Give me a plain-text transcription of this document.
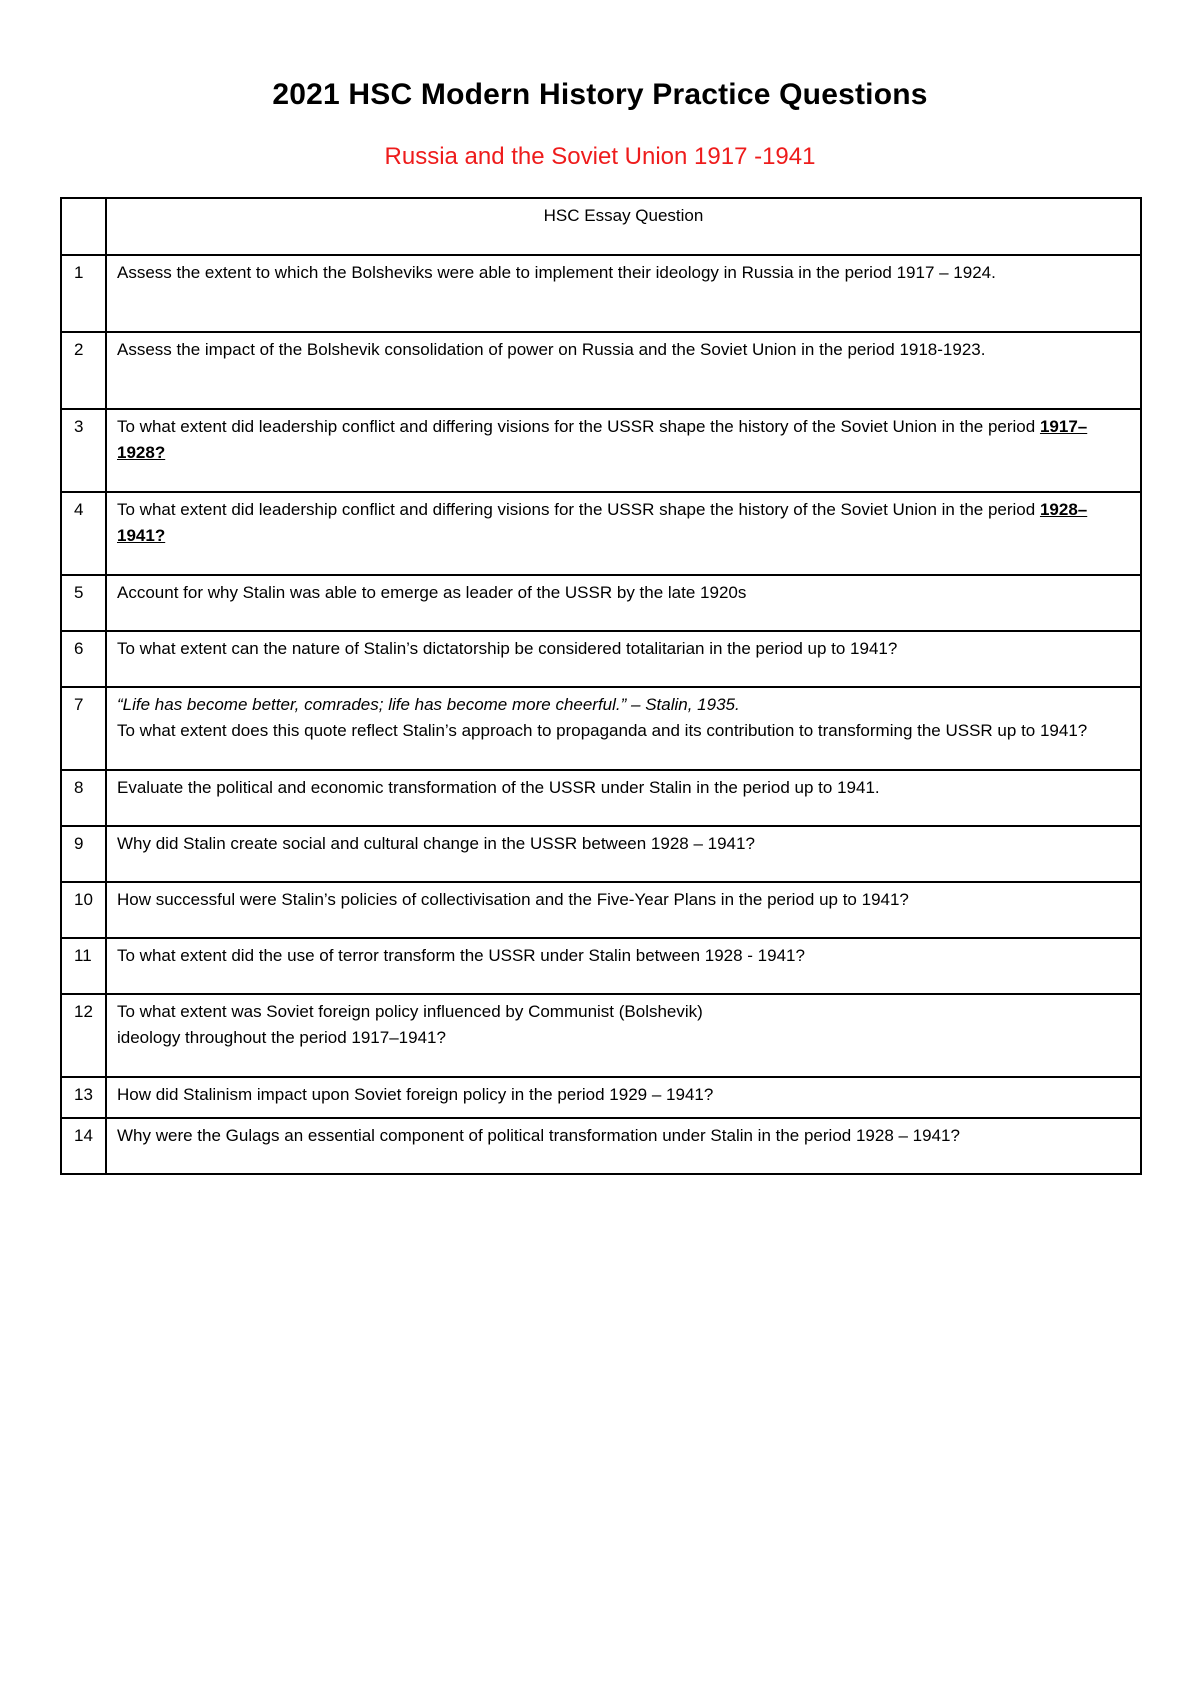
2021 HSC Modern History Practice Questions
Russia and the Soviet Union 1917 -1941
	HSC Essay Question
1	Assess the extent to which the Bolsheviks were able to implement their ideology in Russia in the period 1917 – 1924.
2	Assess the impact of the Bolshevik consolidation of power on Russia and the Soviet Union in the period 1918-1923.
3	To what extent did leadership conflict and differing visions for the USSR shape the history of the Soviet Union in the period 1917–1928?
4	To what extent did leadership conflict and differing visions for the USSR shape the history of the Soviet Union in the period 1928–1941?
5	Account for why Stalin was able to emerge as leader of the USSR by the late 1920s
6	To what extent can the nature of Stalin’s dictatorship be considered totalitarian in the period up to 1941?
7	“Life has become better, comrades; life has become more cheerful.” – Stalin, 1935.
To what extent does this quote reflect Stalin’s approach to propaganda and its contribution to transforming the USSR up to 1941?

8	Evaluate the political and economic transformation of the USSR under Stalin in the period up to 1941.
9	Why did Stalin create social and cultural change in the USSR between 1928 – 1941?
10	How successful were Stalin’s policies of collectivisation and the Five-Year Plans in the period up to 1941?
11	To what extent did the use of terror transform the USSR under Stalin between 1928 - 1941?
12	To what extent was Soviet foreign policy influenced by Communist (Bolshevik)
ideology throughout the period 1917–1941?

13	How did Stalinism impact upon Soviet foreign policy in the period 1929 – 1941?
14	Why were the Gulags an essential component of political transformation under Stalin in the period 1928 – 1941?
